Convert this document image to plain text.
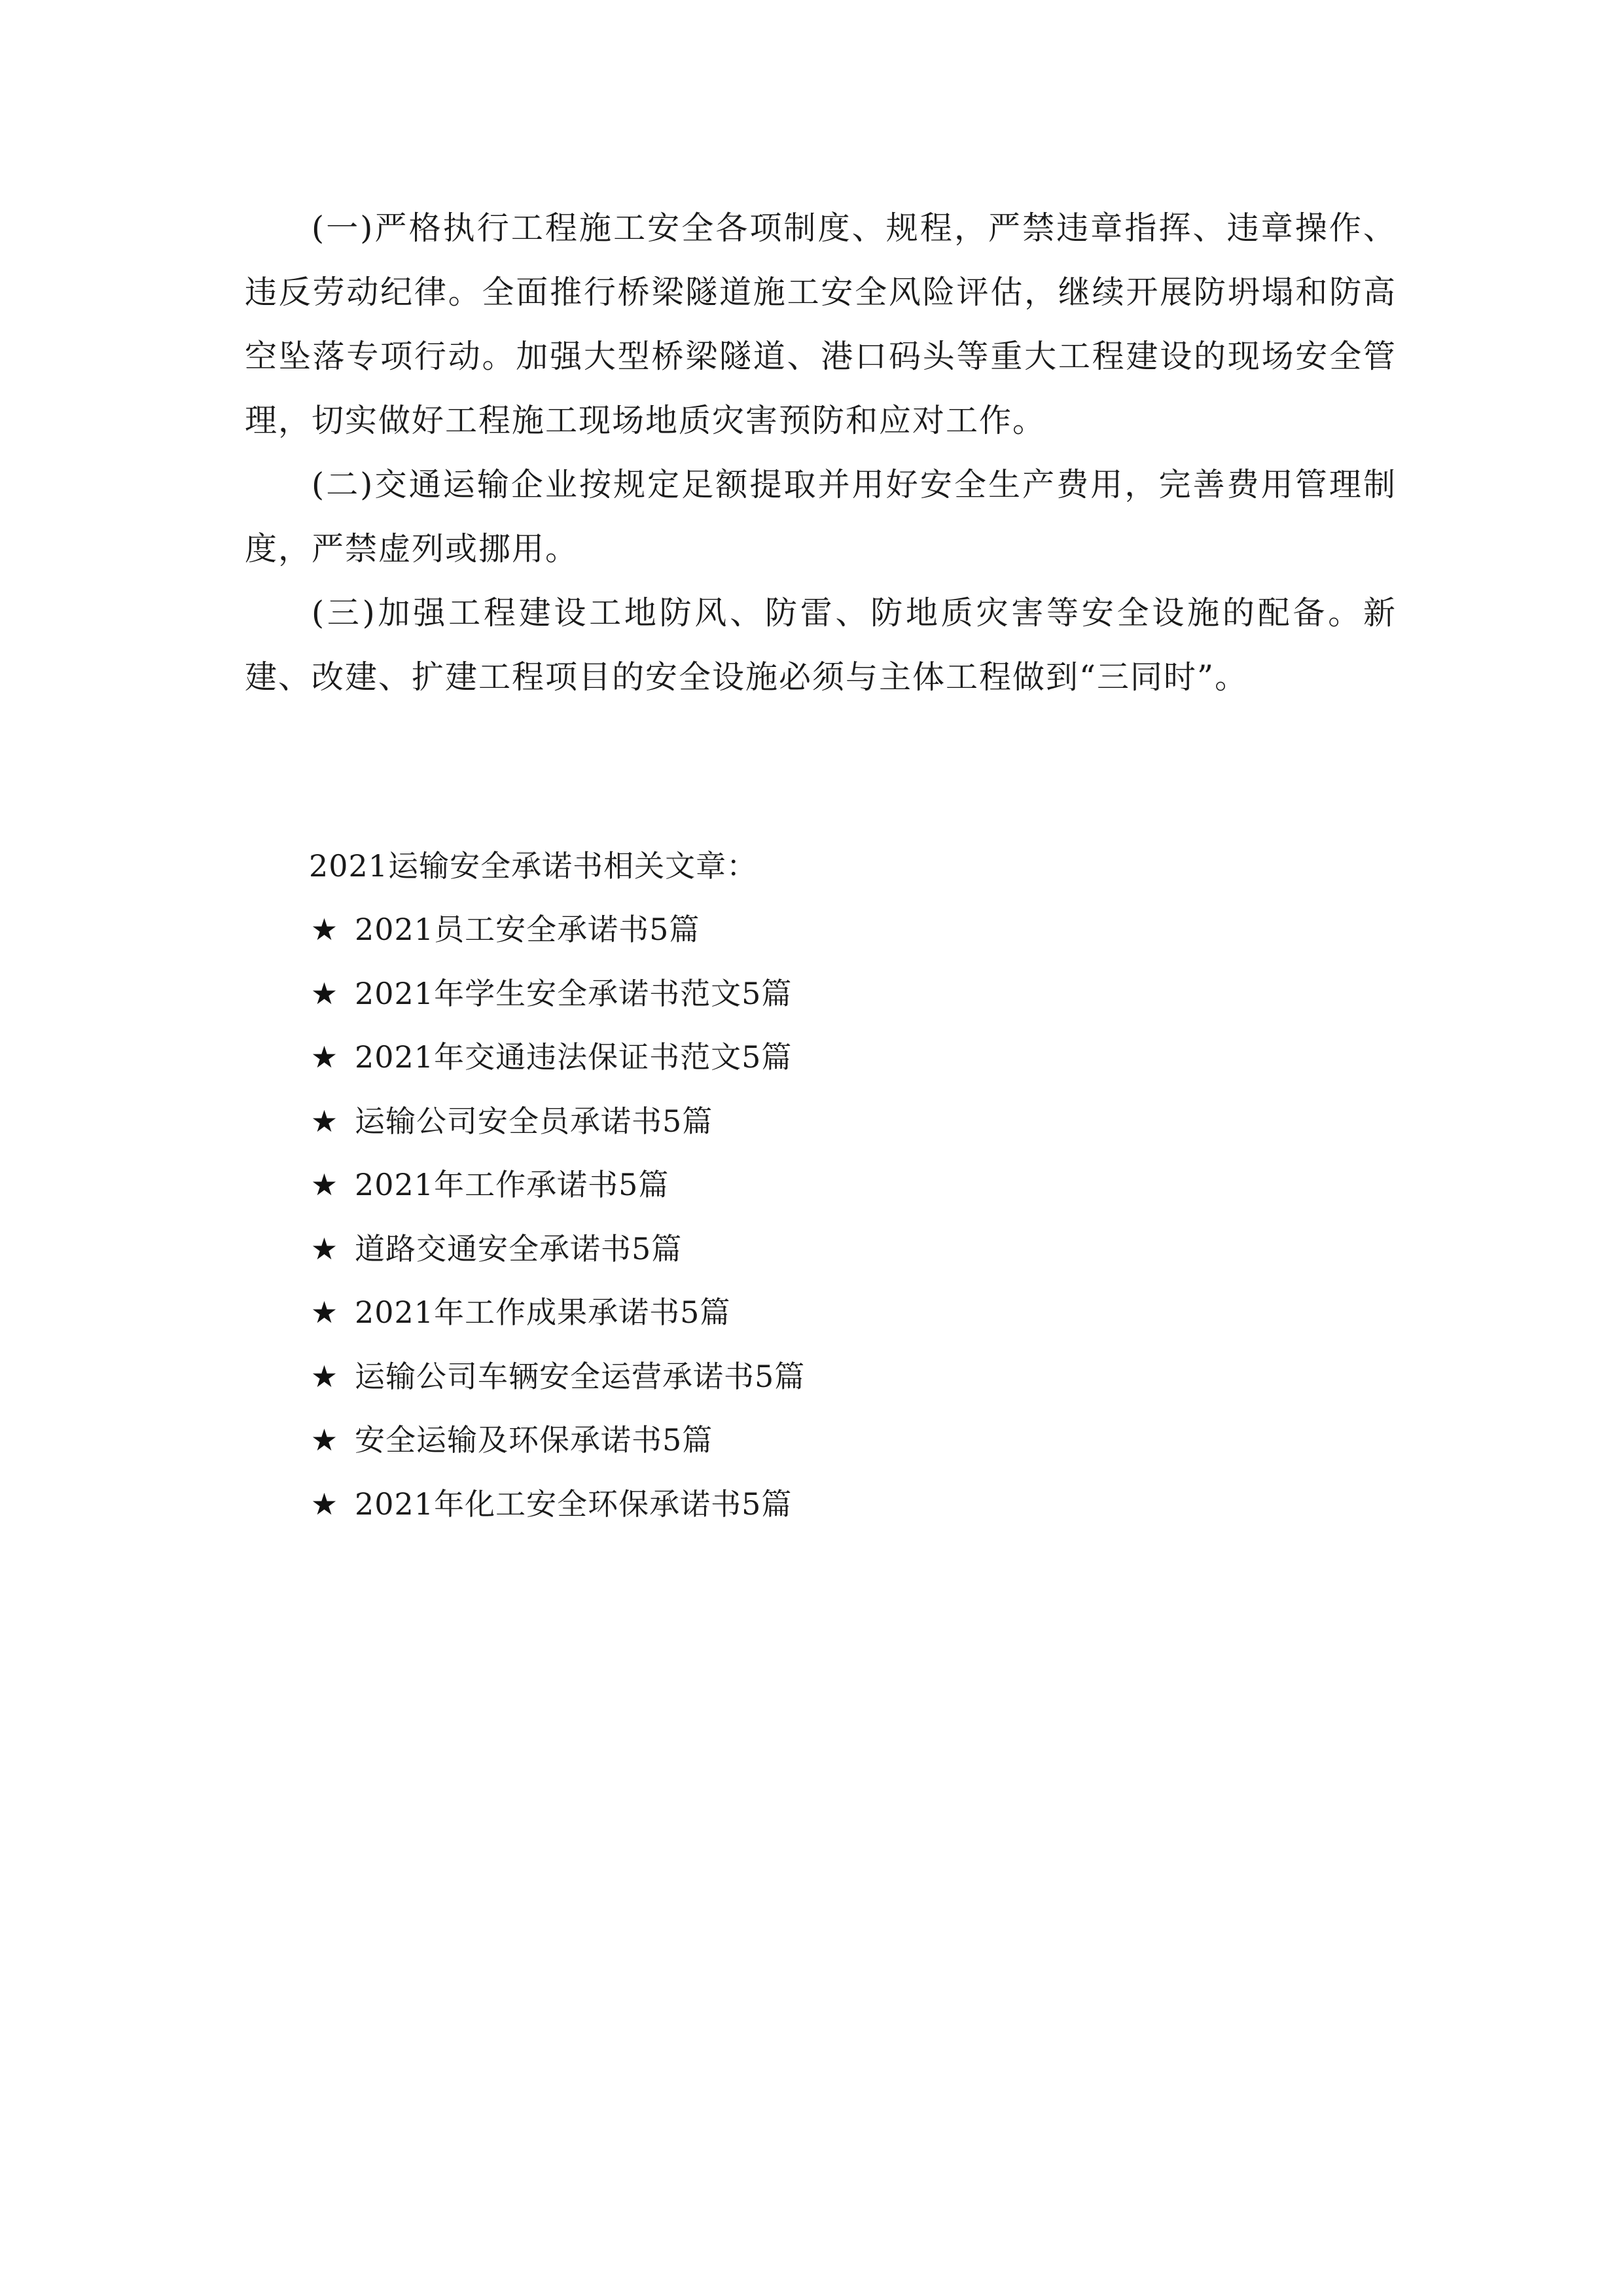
(一)严格执行工程施工安全各项制度、规程，严禁违章指挥、违章操作、违反劳动纪律。全面推行桥梁隧道施工安全风险评估，继续开展防坍塌和防高空坠落专项行动。加强大型桥梁隧道、港口码头等重大工程建设的现场安全管理，切实做好工程施工现场地质灾害预防和应对工作。

(二)交通运输企业按规定足额提取并用好安全生产费用，完善费用管理制度，严禁虚列或挪用。

(三)加强工程建设工地防风、防雷、防地质灾害等安全设施的配备。新建、改建、扩建工程项目的安全设施必须与主体工程做到“三同时”。

2021运输安全承诺书相关文章：
★ 2021员工安全承诺书5篇
★ 2021年学生安全承诺书范文5篇
★ 2021年交通违法保证书范文5篇
★ 运输公司安全员承诺书5篇
★ 2021年工作承诺书5篇
★ 道路交通安全承诺书5篇
★ 2021年工作成果承诺书5篇
★ 运输公司车辆安全运营承诺书5篇
★ 安全运输及环保承诺书5篇
★ 2021年化工安全环保承诺书5篇
